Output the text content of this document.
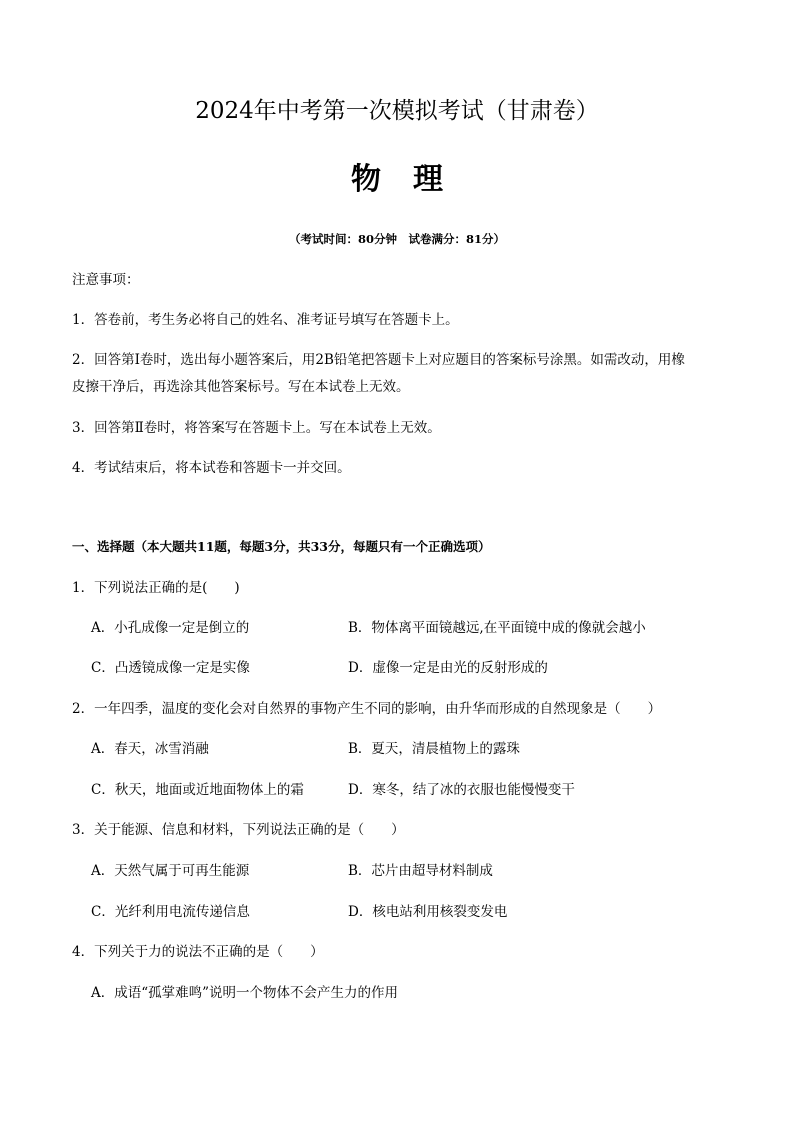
2024年中考第一次模拟考试（甘肃卷）
物理
（考试时间：80分钟　试卷满分：81分）
注意事项：
1．答卷前，考生务必将自己的姓名、准考证号填写在答题卡上。
2．回答第Ⅰ卷时，选出每小题答案后，用2B铅笔把答题卡上对应题目的答案标号涂黑。如需改动，用橡
皮擦干净后，再选涂其他答案标号。写在本试卷上无效。
3．回答第Ⅱ卷时，将答案写在答题卡上。写在本试卷上无效。
4．考试结束后，将本试卷和答题卡一并交回。
一、选择题（本大题共11题，每题3分，共33分，每题只有一个正确选项）
1．下列说法正确的是(　　)
A．小孔成像一定是倒立的	B．物体离平面镜越远,在平面镜中成的像就会越小
C．凸透镜成像一定是实像	D．虚像一定是由光的反射形成的
2．一年四季，温度的变化会对自然界的事物产生不同的影响，由升华而形成的自然现象是（　　）
A．春天，冰雪消融	B．夏天，清晨植物上的露珠
C．秋天，地面或近地面物体上的霜	D．寒冬，结了冰的衣服也能慢慢变干
3．关于能源、信息和材料，下列说法正确的是（　　）
A．天然气属于可再生能源	B．芯片由超导材料制成
C．光纤利用电流传递信息	D．核电站利用核裂变发电
4．下列关于力的说法不正确的是（　　）
A．成语“孤掌难鸣”说明一个物体不会产生力的作用
